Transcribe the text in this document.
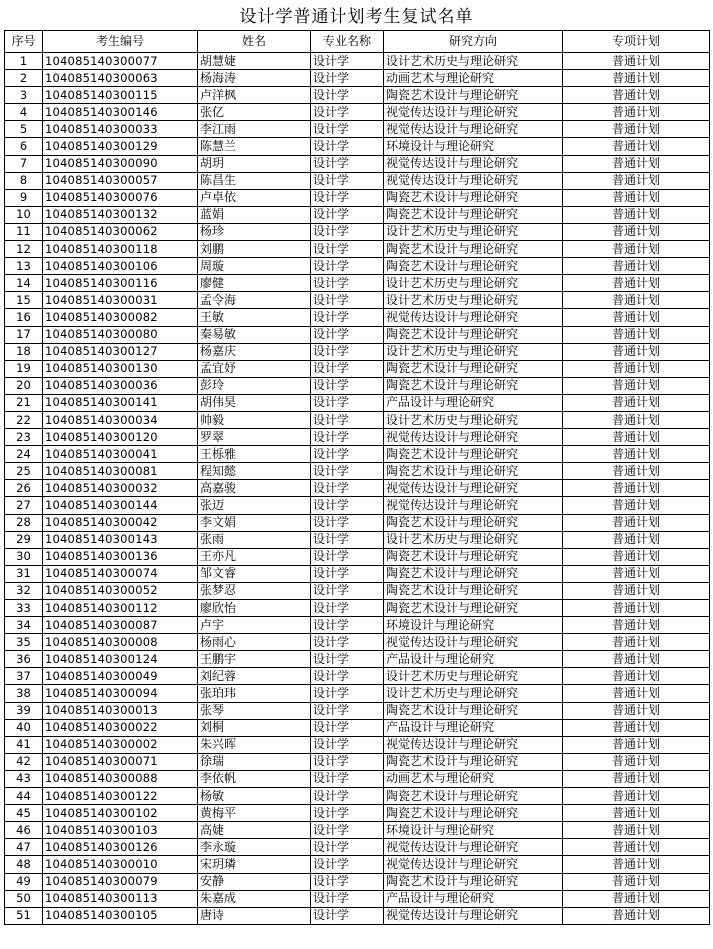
设计学普通计划考生复试名单
序号	考生编号	姓名	专业名称	研究方向	专项计划
1	104085140300077	胡慧婕	设计学	设计艺术历史与理论研究	普通计划
2	104085140300063	杨海涛	设计学	动画艺术与理论研究	普通计划
3	104085140300115	卢洋枫	设计学	陶瓷艺术设计与理论研究	普通计划
4	104085140300146	张亿	设计学	视觉传达设计与理论研究	普通计划
5	104085140300033	李江雨	设计学	视觉传达设计与理论研究	普通计划
6	104085140300129	陈慧兰	设计学	环境设计与理论研究	普通计划
7	104085140300090	胡玥	设计学	视觉传达设计与理论研究	普通计划
8	104085140300057	陈昌生	设计学	视觉传达设计与理论研究	普通计划
9	104085140300076	卢卓依	设计学	陶瓷艺术设计与理论研究	普通计划
10	104085140300132	蓝娟	设计学	陶瓷艺术设计与理论研究	普通计划
11	104085140300062	杨珍	设计学	设计艺术历史与理论研究	普通计划
12	104085140300118	刘鹏	设计学	陶瓷艺术设计与理论研究	普通计划
13	104085140300106	周璇	设计学	陶瓷艺术设计与理论研究	普通计划
14	104085140300116	廖健	设计学	设计艺术历史与理论研究	普通计划
15	104085140300031	孟令海	设计学	设计艺术历史与理论研究	普通计划
16	104085140300082	王敏	设计学	视觉传达设计与理论研究	普通计划
17	104085140300080	秦易敏	设计学	陶瓷艺术设计与理论研究	普通计划
18	104085140300127	杨嘉庆	设计学	设计艺术历史与理论研究	普通计划
19	104085140300130	孟宜妤	设计学	陶瓷艺术设计与理论研究	普通计划
20	104085140300036	彭玲	设计学	陶瓷艺术设计与理论研究	普通计划
21	104085140300141	胡伟昊	设计学	产品设计与理论研究	普通计划
22	104085140300034	帅毅	设计学	设计艺术历史与理论研究	普通计划
23	104085140300120	罗翠	设计学	视觉传达设计与理论研究	普通计划
24	104085140300041	王栎雅	设计学	陶瓷艺术设计与理论研究	普通计划
25	104085140300081	程知懿	设计学	陶瓷艺术设计与理论研究	普通计划
26	104085140300032	高嘉骏	设计学	视觉传达设计与理论研究	普通计划
27	104085140300144	张迈	设计学	视觉传达设计与理论研究	普通计划
28	104085140300042	李文娟	设计学	陶瓷艺术设计与理论研究	普通计划
29	104085140300143	张雨	设计学	设计艺术历史与理论研究	普通计划
30	104085140300136	王亦凡	设计学	陶瓷艺术设计与理论研究	普通计划
31	104085140300074	邹文睿	设计学	陶瓷艺术设计与理论研究	普通计划
32	104085140300052	张梦忍	设计学	陶瓷艺术设计与理论研究	普通计划
33	104085140300112	廖欣怡	设计学	陶瓷艺术设计与理论研究	普通计划
34	104085140300087	卢宇	设计学	环境设计与理论研究	普通计划
35	104085140300008	杨雨心	设计学	视觉传达设计与理论研究	普通计划
36	104085140300124	王鹏宇	设计学	产品设计与理论研究	普通计划
37	104085140300049	刘纪蓉	设计学	设计艺术历史与理论研究	普通计划
38	104085140300094	张珀玮	设计学	设计艺术历史与理论研究	普通计划
39	104085140300013	张琴	设计学	陶瓷艺术设计与理论研究	普通计划
40	104085140300022	刘桐	设计学	产品设计与理论研究	普通计划
41	104085140300002	朱兴晖	设计学	视觉传达设计与理论研究	普通计划
42	104085140300071	徐瑞	设计学	陶瓷艺术设计与理论研究	普通计划
43	104085140300088	李依帆	设计学	动画艺术与理论研究	普通计划
44	104085140300122	杨敏	设计学	陶瓷艺术设计与理论研究	普通计划
45	104085140300102	黄梅平	设计学	陶瓷艺术设计与理论研究	普通计划
46	104085140300103	高婕	设计学	环境设计与理论研究	普通计划
47	104085140300126	李永璇	设计学	视觉传达设计与理论研究	普通计划
48	104085140300010	宋玥璘	设计学	视觉传达设计与理论研究	普通计划
49	104085140300079	安静	设计学	陶瓷艺术设计与理论研究	普通计划
50	104085140300113	朱嘉成	设计学	产品设计与理论研究	普通计划
51	104085140300105	唐诗	设计学	视觉传达设计与理论研究	普通计划
